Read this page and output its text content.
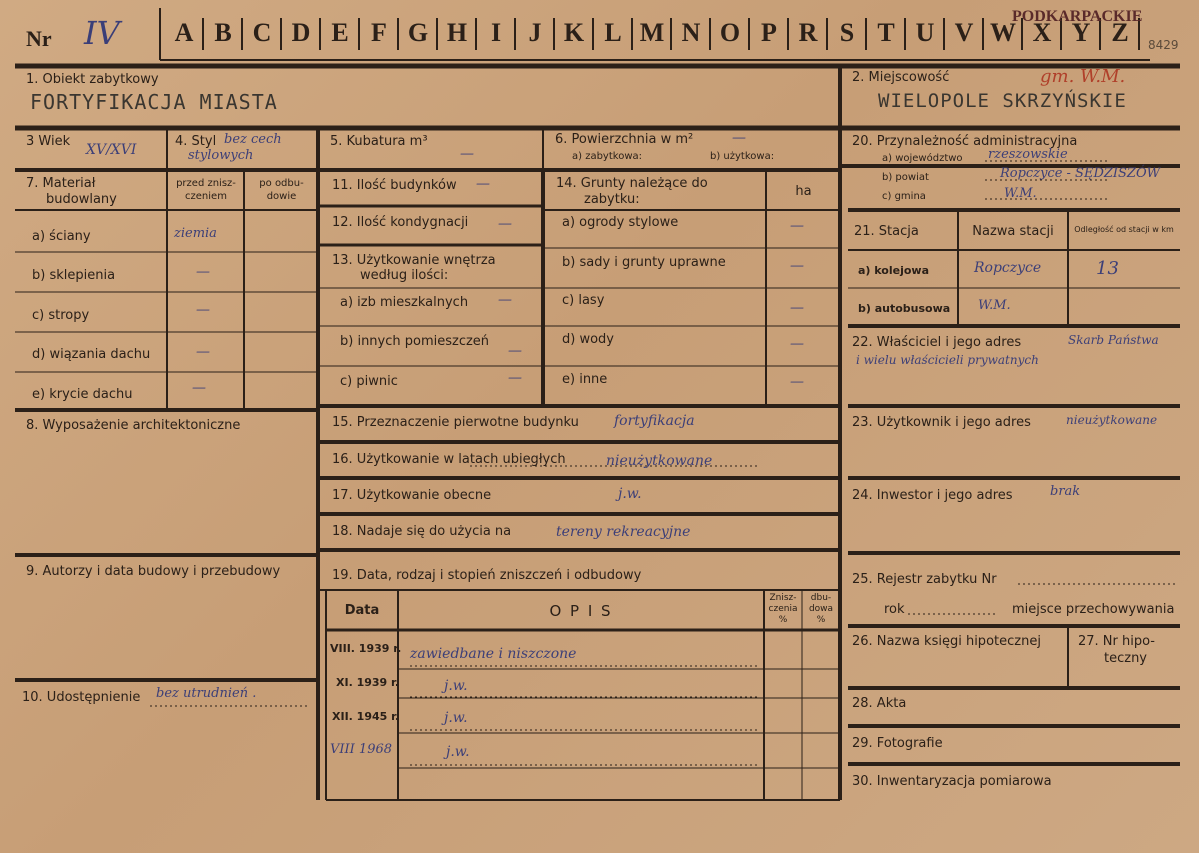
Nr IV	A B C D E F G H I	J K L M N O P R S T U V W X Y Z
PODKARPACKIE
8429
1. Obiekt zabytkowy
FORTYFIKACJA MIASTA
2. Miejscowość	gm. W.M.
WIELOPOLE SKRZYŃSKIE
3 Wiek
XV/XVI
4. Styl bez cech
stylowych
5. Kubatura m³
—
6. Powierzchnia w m²	—
a) zabytkowa:	b) użytkowa:
7. Materiał
budowlany
przed znisz-
czeniem
po odbu-
dowie
a) ściany	ziemia
b) sklepienia	—
c) stropy	—
d) wiązania dachu	—
e) krycie dachu	—
8. Wyposażenie architektoniczne
9. Autorzy i data budowy i przebudowy
10. Udostępnienie bez utrudnień .
11. Ilość budynków —
12. Ilość kondygnacji —
13. Użytkowanie wnętrza
według ilości:
a) izb mieszkalnych —
b) innych pomieszczeń
—
c) piwnic	—
14. Grunty należące do
zabytku:
ha
a) ogrody stylowe	—
b) sady i grunty uprawne	—
c) lasy	—
d) wody	—
e) inne	—
15. Przeznaczenie pierwotne budynku	fortyfikacja
16. Użytkowanie w latach ubiegłych	nieużytkowane
17. Użytkowanie obecne	j.w.
18. Nadaje się do użycia na	tereny rekreacyjne
19. Data, rodzaj i stopień zniszczeń i odbudowy
Data	O P I S
Znisz-
czenia
%
dbu-
dowa
%
VIII. 1939 r. zawiedbane i niszczone
XI. 1939 r.	j.w.
XII. 1945 r.	j.w.
VIII 1968	j.w.
20. Przynależność administracyjna
a) województwo rzeszowskie
b) powiat	Ropczyce - SĘDZISZÓW
c) gmina	W.M.
21. Stacja	Nazwa stacji	Odległość od stacji w km
a) kolejowa	Ropczyce	13
b) autobusowa W.M.
22. Właściciel i jego adres	Skarb Państwa
i wielu właścicieli prywatnych
23. Użytkownik i jego adres	nieużytkowane
24. Inwestor i jego adres	brak
25. Rejestr zabytku Nr
rok	miejsce przechowywania
26. Nazwa księgi hipotecznej	27. Nr hipo-
teczny
28. Akta
29. Fotografie
30. Inwentaryzacja pomiarowa
